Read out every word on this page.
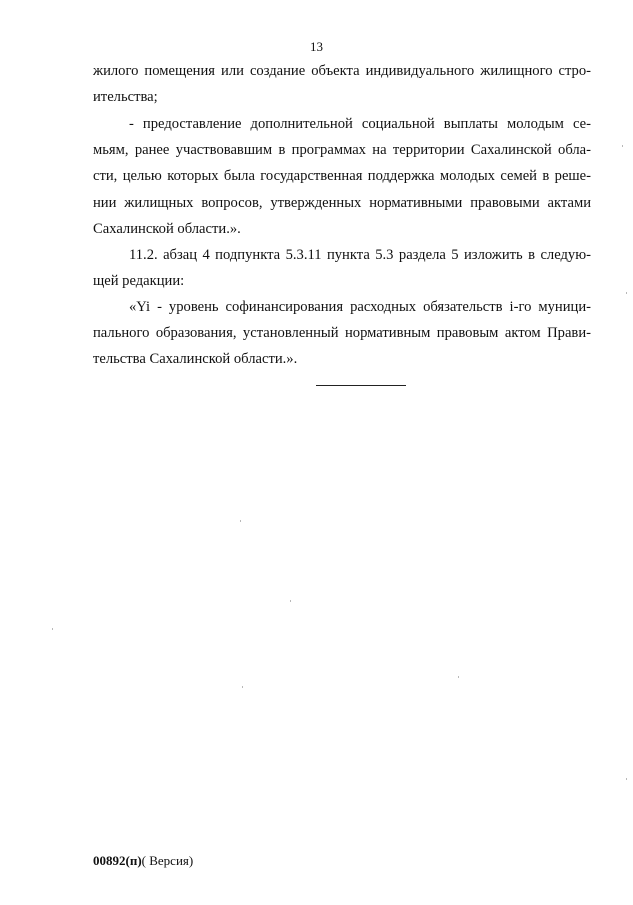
13

жилого помещения или создание объекта индивидуального жилищного стро-
ительства;

- предоставление дополнительной социальной выплаты молодым се-
мьям, ранее участвовавшим в программах на территории Сахалинской обла-
сти, целью которых была государственная поддержка молодых семей в реше-
нии жилищных вопросов, утвержденных нормативными правовыми актами
Сахалинской области.».

11.2. абзац 4 подпункта 5.3.11 пункта 5.3 раздела 5 изложить в следую-
щей редакции:

«Yi - уровень софинансирования расходных обязательств i-го муници-
пального образования, установленный нормативным правовым актом Прави-
тельства Сахалинской области.».

00892(п)( Версия)
